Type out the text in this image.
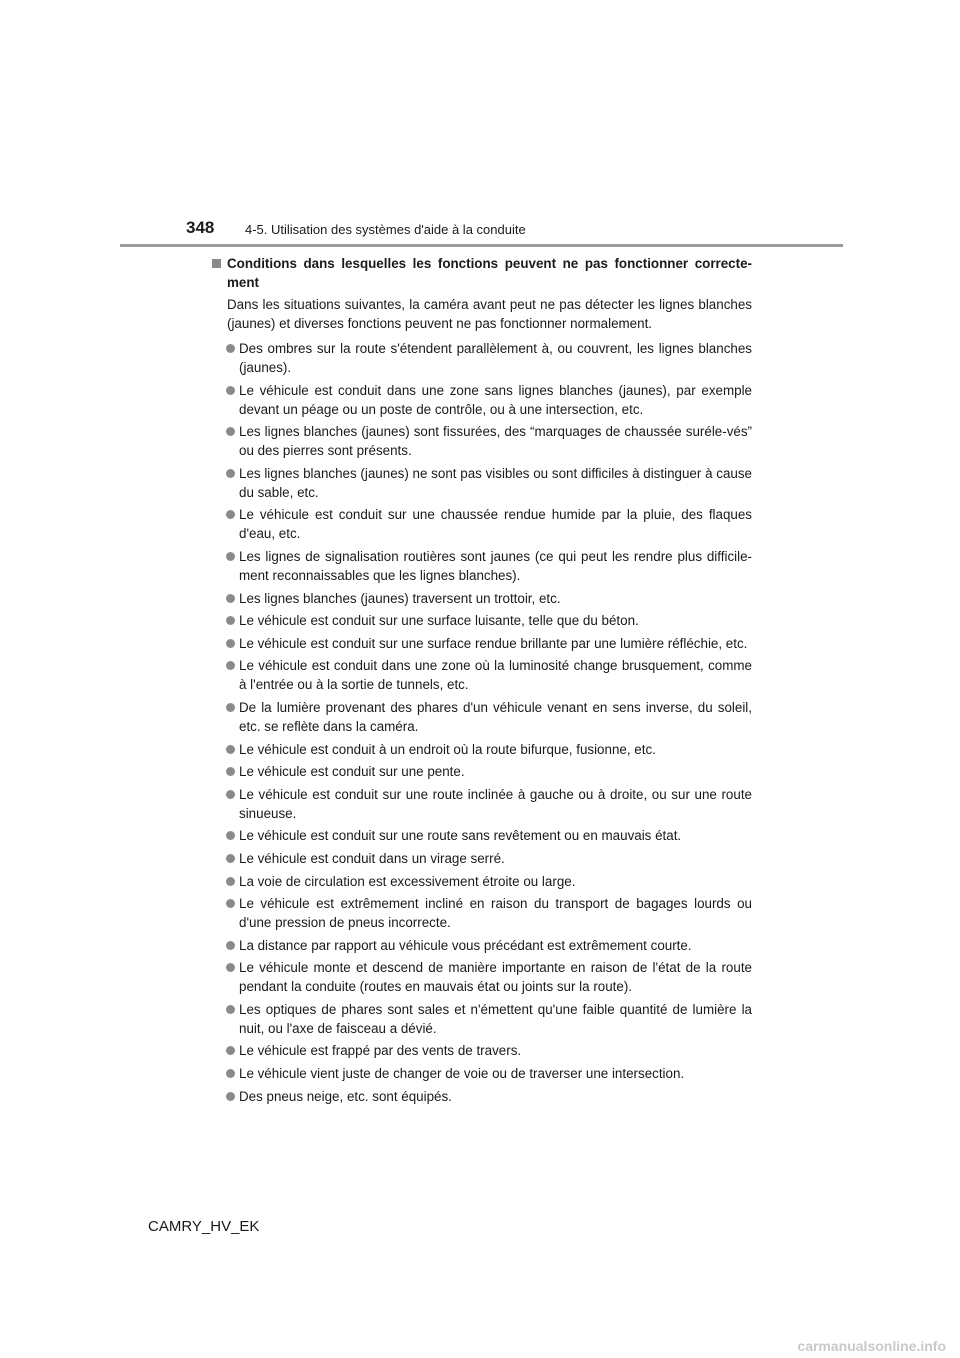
348 4-5. Utilisation des systèmes d'aide à la conduite
Conditions dans lesquelles les fonctions peuvent ne pas fonctionner correcte-ment
Dans les situations suivantes, la caméra avant peut ne pas détecter les lignes blanches (jaunes) et diverses fonctions peuvent ne pas fonctionner normalement.
Des ombres sur la route s'étendent parallèlement à, ou couvrent, les lignes blanches (jaunes).
Le véhicule est conduit dans une zone sans lignes blanches (jaunes), par exemple devant un péage ou un poste de contrôle, ou à une intersection, etc.
Les lignes blanches (jaunes) sont fissurées, des “marquages de chaussée suréle-vés” ou des pierres sont présents.
Les lignes blanches (jaunes) ne sont pas visibles ou sont difficiles à distinguer à cause du sable, etc.
Le véhicule est conduit sur une chaussée rendue humide par la pluie, des flaques d'eau, etc.
Les lignes de signalisation routières sont jaunes (ce qui peut les rendre plus difficile-ment reconnaissables que les lignes blanches).
Les lignes blanches (jaunes) traversent un trottoir, etc.
Le véhicule est conduit sur une surface luisante, telle que du béton.
Le véhicule est conduit sur une surface rendue brillante par une lumière réfléchie, etc.
Le véhicule est conduit dans une zone où la luminosité change brusquement, comme à l'entrée ou à la sortie de tunnels, etc.
De la lumière provenant des phares d'un véhicule venant en sens inverse, du soleil, etc. se reflète dans la caméra.
Le véhicule est conduit à un endroit où la route bifurque, fusionne, etc.
Le véhicule est conduit sur une pente.
Le véhicule est conduit sur une route inclinée à gauche ou à droite, ou sur une route sinueuse.
Le véhicule est conduit sur une route sans revêtement ou en mauvais état.
Le véhicule est conduit dans un virage serré.
La voie de circulation est excessivement étroite ou large.
Le véhicule est extrêmement incliné en raison du transport de bagages lourds ou d'une pression de pneus incorrecte.
La distance par rapport au véhicule vous précédant est extrêmement courte.
Le véhicule monte et descend de manière importante en raison de l'état de la route pendant la conduite (routes en mauvais état ou joints sur la route).
Les optiques de phares sont sales et n'émettent qu'une faible quantité de lumière la nuit, ou l'axe de faisceau a dévié.
Le véhicule est frappé par des vents de travers.
Le véhicule vient juste de changer de voie ou de traverser une intersection.
Des pneus neige, etc. sont équipés.
CAMRY_HV_EK
carmanualsonline.info
